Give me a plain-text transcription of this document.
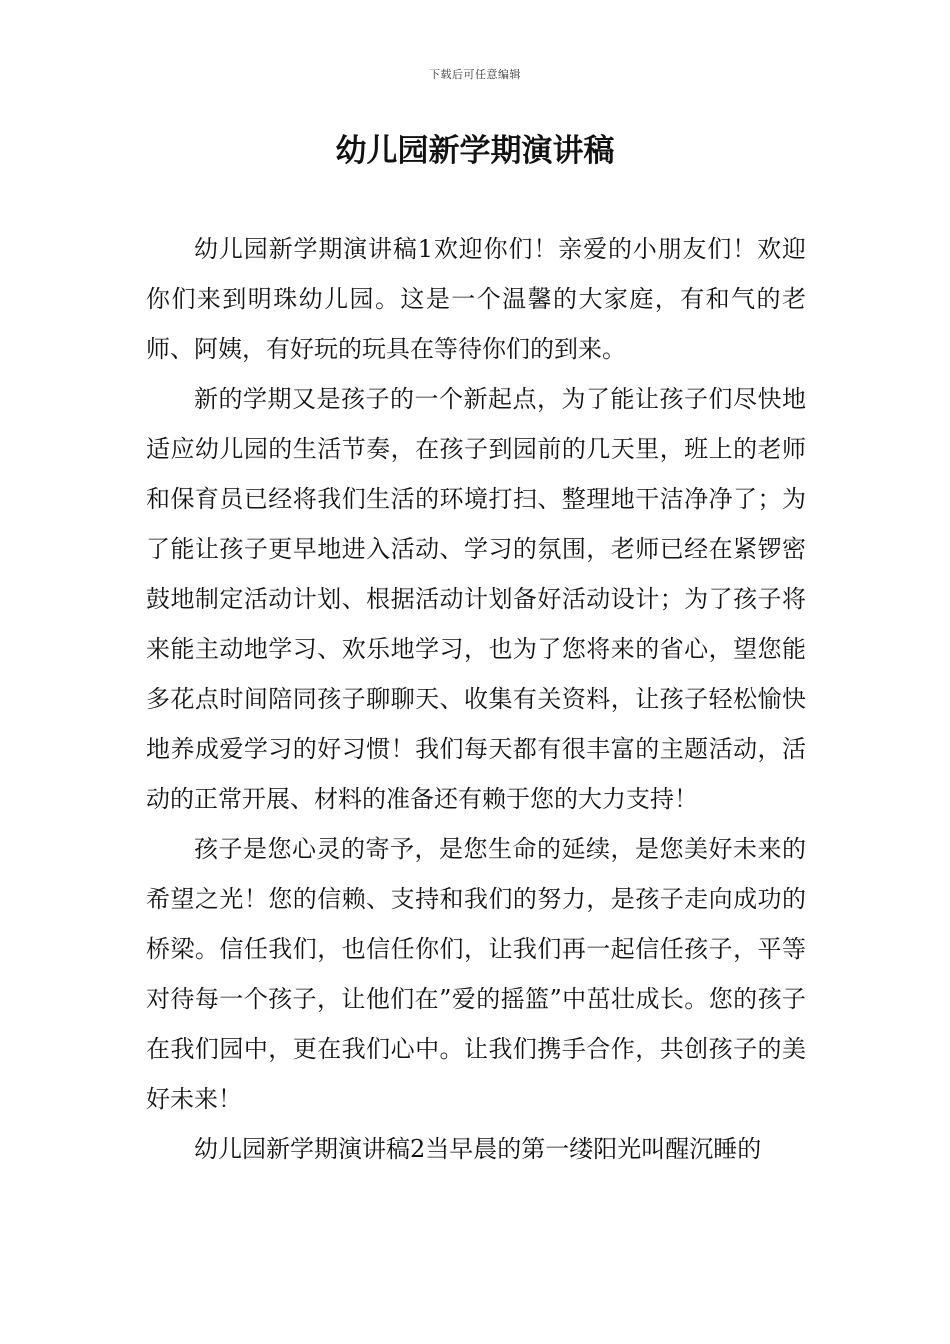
下载后可任意编辑
幼儿园新学期演讲稿

幼儿园新学期演讲稿1欢迎你们！亲爱的小朋友们！欢迎你们来到明珠幼儿园。这是一个温馨的大家庭，有和气的老师、阿姨，有好玩的玩具在等待你们的到来。

新的学期又是孩子的一个新起点，为了能让孩子们尽快地适应幼儿园的生活节奏，在孩子到园前的几天里，班上的老师和保育员已经将我们生活的环境打扫、整理地干洁净净了；为了能让孩子更早地进入活动、学习的氛围，老师已经在紧锣密鼓地制定活动计划、根据活动计划备好活动设计；为了孩子将来能主动地学习、欢乐地学习，也为了您将来的省心，望您能多花点时间陪同孩子聊聊天、收集有关资料，让孩子轻松愉快地养成爱学习的好习惯！我们每天都有很丰富的主题活动，活动的正常开展、材料的准备还有赖于您的大力支持！

孩子是您心灵的寄予，是您生命的延续，是您美好未来的希望之光！您的信赖、支持和我们的努力，是孩子走向成功的桥梁。信任我们，也信任你们，让我们再一起信任孩子，平等对待每一个孩子，让他们在”爱的摇篮”中茁壮成长。您的孩子在我们园中，更在我们心中。让我们携手合作，共创孩子的美好未来！

幼儿园新学期演讲稿2当早晨的第一缕阳光叫醒沉睡的
